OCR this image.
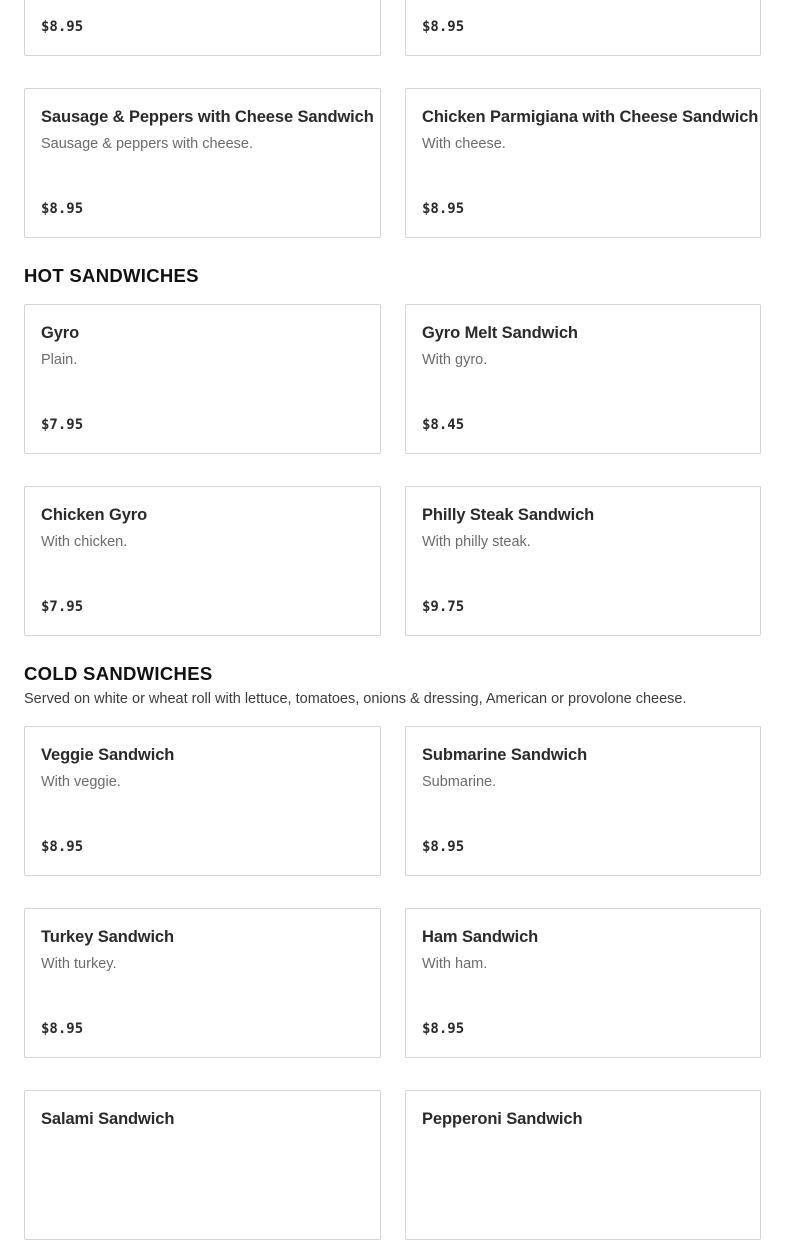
$8.95	$8.95
Sausage & Peppers with Cheese Sandwich
Sausage & peppers with cheese.
$8.95
Chicken Parmigiana with Cheese Sandwich
With cheese.
$8.95
HOT SANDWICHES
Gyro
Plain.
$7.95
Gyro Melt Sandwich
With gyro.
$8.45
Chicken Gyro
With chicken.
$7.95
Philly Steak Sandwich
With philly steak.
$9.75
COLD SANDWICHES

Served on white or wheat roll with lettuce, tomatoes, onions & dressing, American or provolone cheese.

Veggie Sandwich
With veggie.
$8.95
Submarine Sandwich
Submarine.
$8.95
Turkey Sandwich
With turkey.
$8.95
Ham Sandwich
With ham.
$8.95
Salami Sandwich	Pepperoni Sandwich
